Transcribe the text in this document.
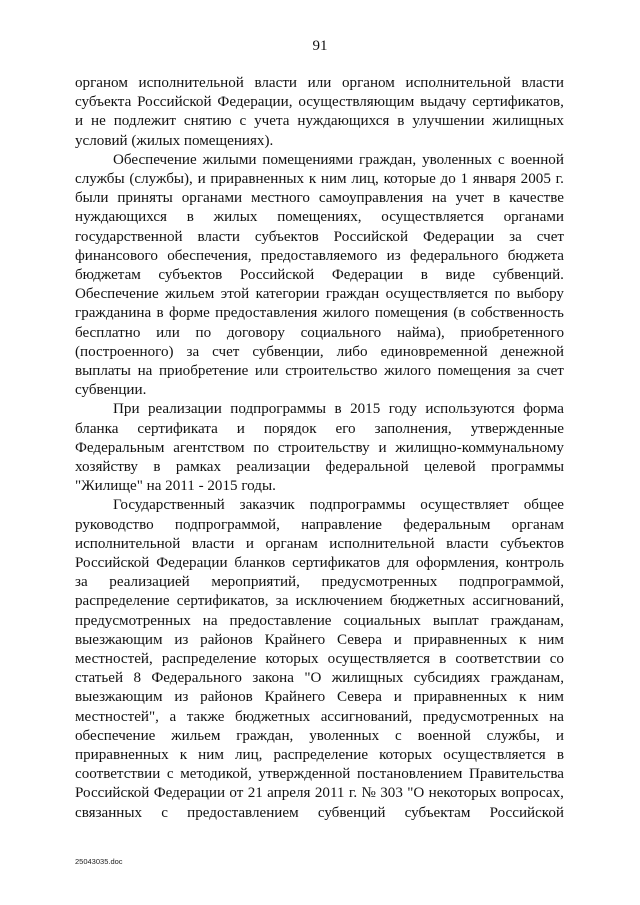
91
органом исполнительной власти или органом исполнительной власти
субъекта Российской Федерации, осуществляющим выдачу сертификатов,
и не подлежит снятию с учета нуждающихся в улучшении жилищных
условий (жилых помещениях).
Обеспечение жилыми помещениями граждан, уволенных с военной
службы (службы), и приравненных к ним лиц, которые до 1 января 2005 г.
были приняты органами местного самоуправления на учет в качестве
нуждающихся в жилых помещениях, осуществляется органами
государственной власти субъектов Российской Федерации за счет
финансового обеспечения, предоставляемого из федерального бюджета
бюджетам субъектов Российской Федерации в виде субвенций.
Обеспечение жильем этой категории граждан осуществляется по выбору
гражданина в форме предоставления жилого помещения (в собственность
бесплатно или по договору социального найма), приобретенного
(построенного) за счет субвенции, либо единовременной денежной
выплаты на приобретение или строительство жилого помещения за счет
субвенции.
При реализации подпрограммы в 2015 году используются форма
бланка сертификата и порядок его заполнения, утвержденные
Федеральным агентством по строительству и жилищно-коммунальному
хозяйству в рамках реализации федеральной целевой программы
"Жилище" на 2011 - 2015 годы.
Государственный заказчик подпрограммы осуществляет общее
руководство подпрограммой, направление федеральным органам
исполнительной власти и органам исполнительной власти субъектов
Российской Федерации бланков сертификатов для оформления, контроль
за реализацией мероприятий, предусмотренных подпрограммой,
распределение сертификатов, за исключением бюджетных ассигнований,
предусмотренных на предоставление социальных выплат гражданам,
выезжающим из районов Крайнего Севера и приравненных к ним
местностей, распределение которых осуществляется в соответствии со
статьей 8 Федерального закона "О жилищных субсидиях гражданам,
выезжающим из районов Крайнего Севера и приравненных к ним
местностей", а также бюджетных ассигнований, предусмотренных на
обеспечение жильем граждан, уволенных с военной службы, и
приравненных к ним лиц, распределение которых осуществляется в
соответствии с методикой, утвержденной постановлением Правительства
Российской Федерации от 21 апреля 2011 г. № 303 "О некоторых вопросах,
связанных с предоставлением субвенций субъектам Российской
25043035.doc
